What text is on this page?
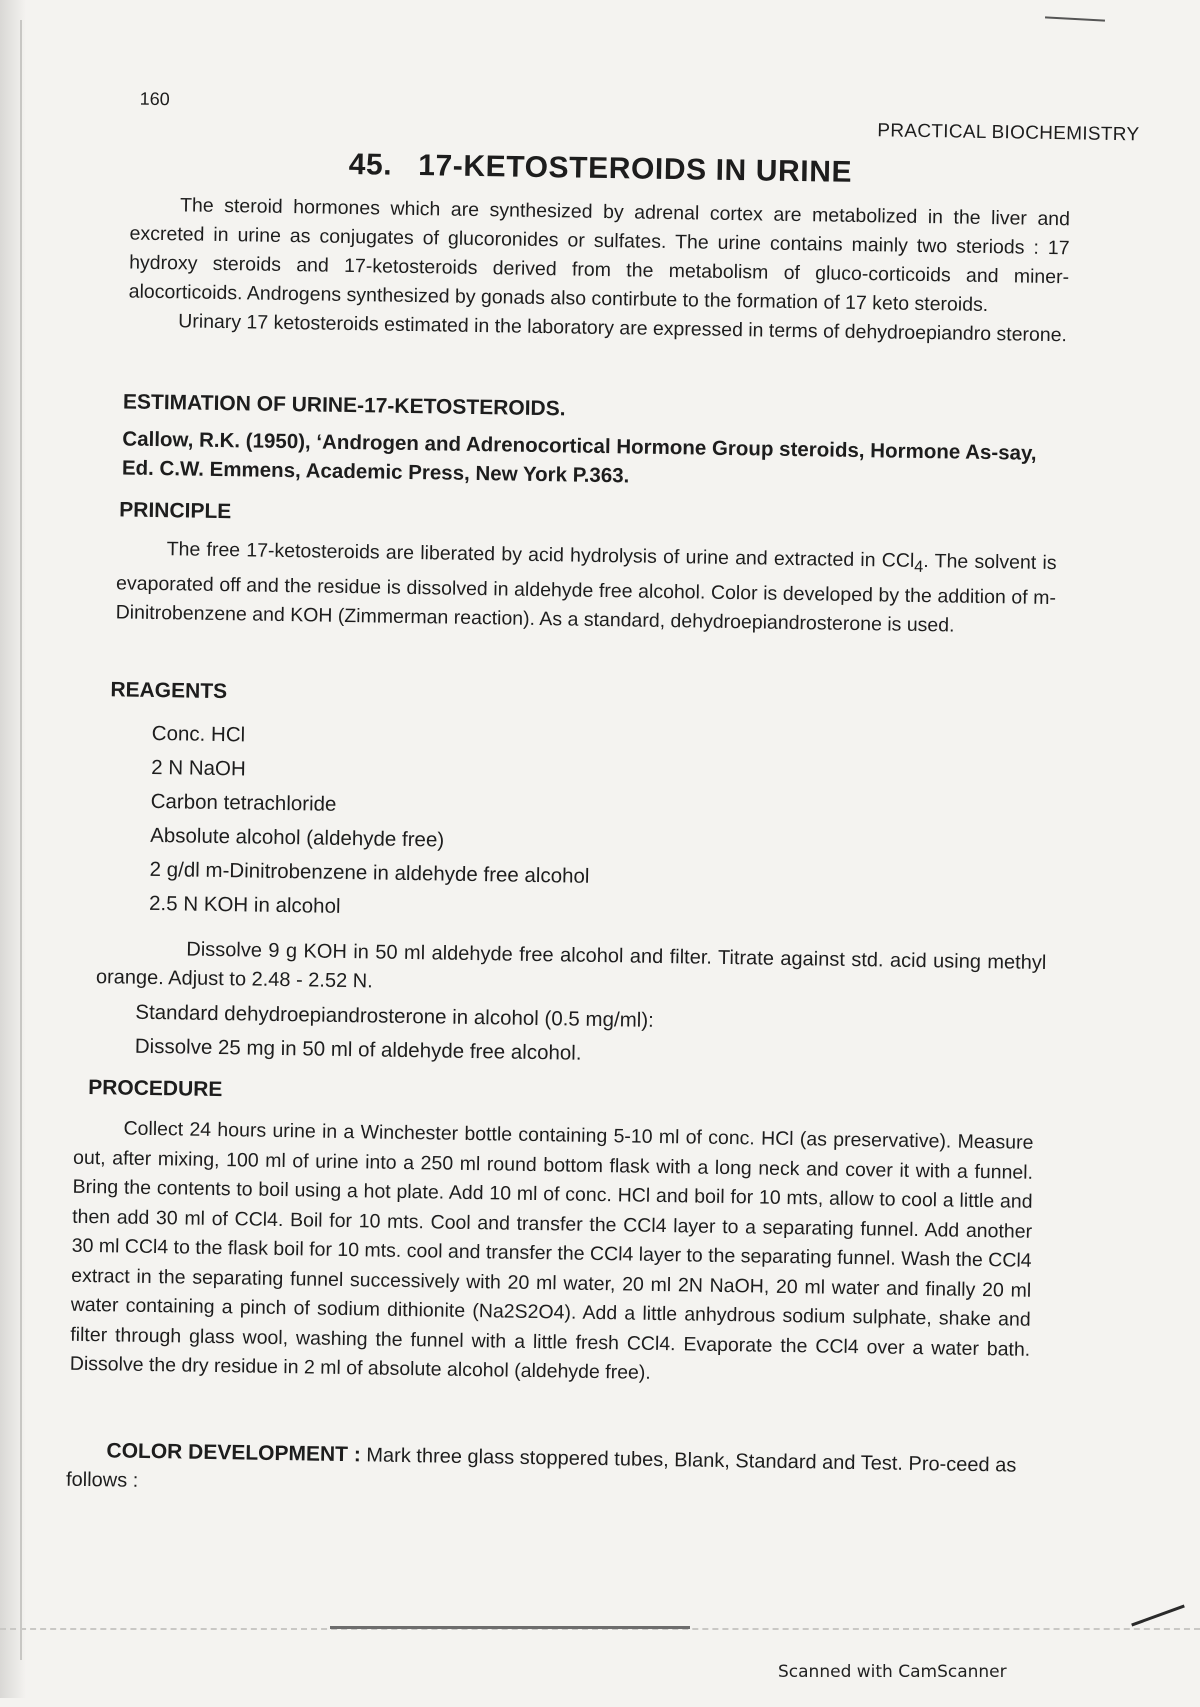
160
PRACTICAL BIOCHEMISTRY
45. 17-KETOSTEROIDS IN URINE

The steroid hormones which are synthesized by adrenal cortex are metabolized in the liver and excreted in urine as conjugates of glucoronides or sulfates. The urine contains mainly two steriods : 17 hydroxy steroids and 17-ketosteroids derived from the metabolism of gluco-corticoids and miner-alocorticoids. Androgens synthesized by gonads also contirbute to the formation of 17 keto steroids.

Urinary 17 ketosteroids estimated in the laboratory are expressed in terms of dehydroepiandro sterone.

ESTIMATION OF URINE-17-KETOSTEROIDS.
Callow, R.K. (1950), ‘Androgen and Adrenocortical Hormone Group steroids, Hormone As-say, Ed. C.W. Emmens, Academic Press, New York P.363.
PRINCIPLE

The free 17-ketosteroids are liberated by acid hydrolysis of urine and extracted in CCl$_4$. The solvent is evaporated off and the residue is dissolved in aldehyde free alcohol. Color is developed by the addition of m-Dinitrobenzene and KOH (Zimmerman reaction). As a standard, dehydroepiandrosterone is used.

REAGENTS
Conc. HCl
2 N NaOH
Carbon tetrachloride
Absolute alcohol (aldehyde free)
2 g/dl m-Dinitrobenzene in aldehyde free alcohol
2.5 N KOH in alcohol

Dissolve 9 g KOH in 50 ml aldehyde free alcohol and filter. Titrate against std. acid using methyl orange. Adjust to 2.48 - 2.52 N.

Standard dehydroepiandrosterone in alcohol (0.5 mg/ml):
Dissolve 25 mg in 50 ml of aldehyde free alcohol.
PROCEDURE

Collect 24 hours urine in a Winchester bottle containing 5-10 ml of conc. HCl (as preservative). Measure out, after mixing, 100 ml of urine into a 250 ml round bottom flask with a long neck and cover it with a funnel. Bring the contents to boil using a hot plate. Add 10 ml of conc. HCl and boil for 10 mts, allow to cool a little and then add 30 ml of CCl4. Boil for 10 mts. Cool and transfer the CCl4 layer to a separating funnel. Add another 30 ml CCl4 to the flask boil for 10 mts. cool and transfer the CCl4 layer to the separating funnel. Wash the CCl4 extract in the separating funnel successively with 20 ml water, 20 ml 2N NaOH, 20 ml water and finally 20 ml water containing a pinch of sodium dithionite (Na2S2O4). Add a little anhydrous sodium sulphate, shake and filter through glass wool, washing the funnel with a little fresh CCl4. Evaporate the CCl4 over a water bath. Dissolve the dry residue in 2 ml of absolute alcohol (aldehyde free).

COLOR DEVELOPMENT : Mark three glass stoppered tubes, Blank, Standard and Test. Pro-ceed as follows :
Scanned with CamScanner
